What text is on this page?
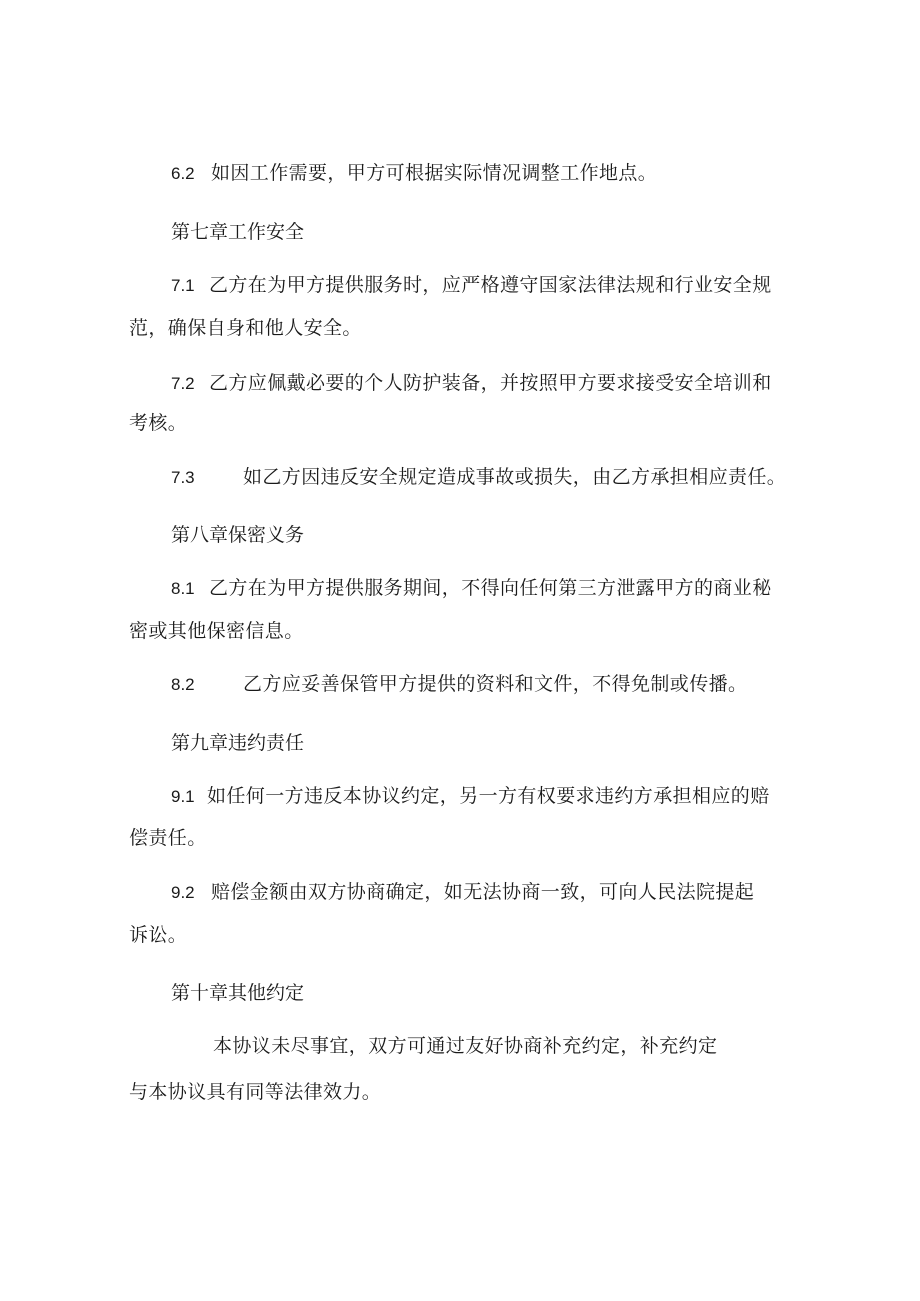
6.2 如因工作需要，甲方可根据实际情况调整工作地点。
第七章工作安全
7.1 乙方在为甲方提供服务时，应严格遵守国家法律法规和行业安全规
范，确保自身和他人安全。
7.2 乙方应佩戴必要的个人防护装备，并按照甲方要求接受安全培训和
考核。
7.3	如乙方因违反安全规定造成事故或损失，由乙方承担相应责任。
第八章保密义务
8.1 乙方在为甲方提供服务期间，不得向任何第三方泄露甲方的商业秘
密或其他保密信息。
8.2	乙方应妥善保管甲方提供的资料和文件，不得免制或传播。
第九章违约责任
9.1 如任何一方违反本协议约定，另一方有权要求违约方承担相应的赔
偿责任。
9.2 赔偿金额由双方协商确定，如无法协商一致，可向人民法院提起
诉讼。
第十章其他约定
本协议未尽事宜，双方可通过友好协商补充约定，补充约定
与本协议具有同等法律效力。
